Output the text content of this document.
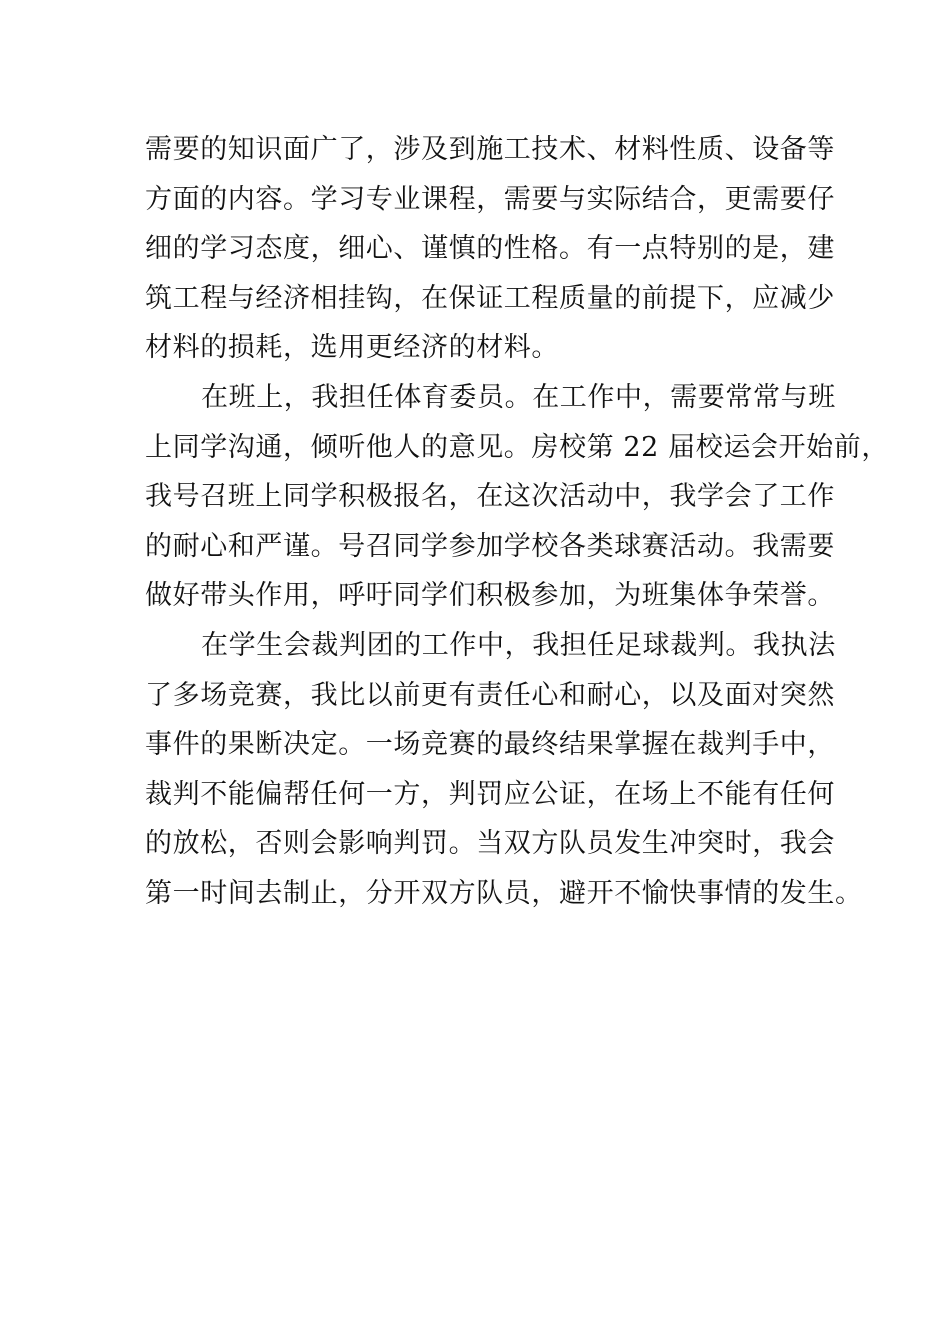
需要的知识面广了，涉及到施工技术、材料性质、设备等
方面的内容。学习专业课程，需要与实际结合，更需要仔
细的学习态度，细心、谨慎的性格。有一点特别的是，建
筑工程与经济相挂钩，在保证工程质量的前提下，应减少
材料的损耗，选用更经济的材料。

在班上，我担任体育委员。在工作中，需要常常与班
上同学沟通，倾听他人的意见。房校第 22 届校运会开始前，
我号召班上同学积极报名，在这次活动中，我学会了工作
的耐心和严谨。号召同学参加学校各类球赛活动。我需要
做好带头作用，呼吁同学们积极参加，为班集体争荣誉。

在学生会裁判团的工作中，我担任足球裁判。我执法
了多场竞赛，我比以前更有责任心和耐心，以及面对突然
事件的果断决定。一场竞赛的最终结果掌握在裁判手中，
裁判不能偏帮任何一方，判罚应公证，在场上不能有任何
的放松，否则会影响判罚。当双方队员发生冲突时，我会
第一时间去制止，分开双方队员，避开不愉快事情的发生。
